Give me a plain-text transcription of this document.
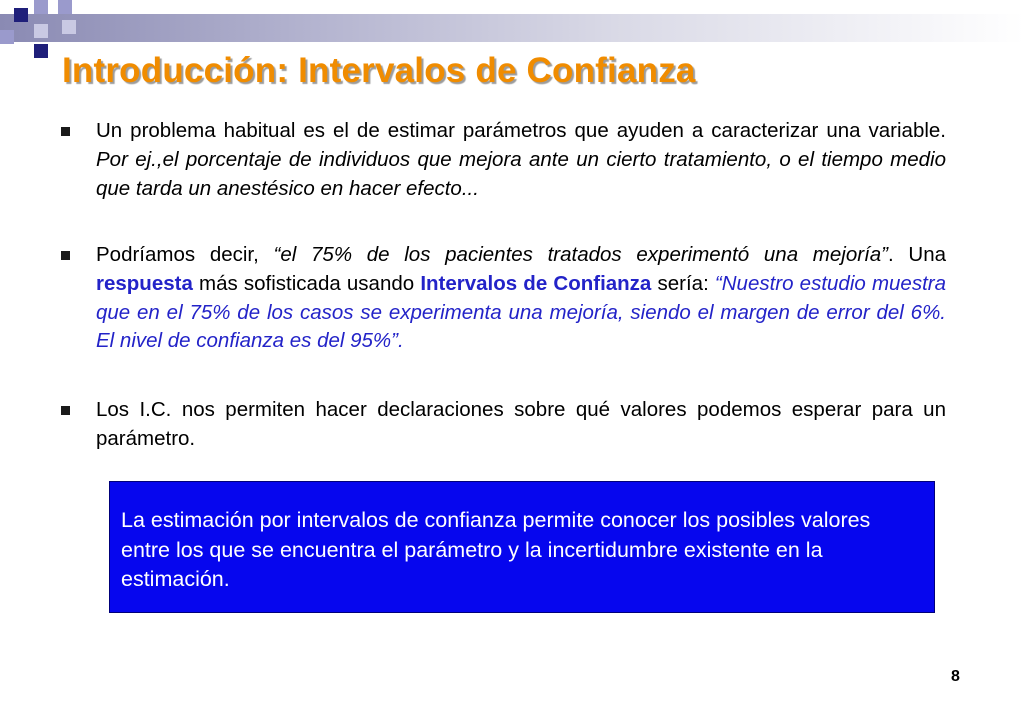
Introducción: Intervalos de Confianza
Un problema habitual es el de estimar parámetros que ayuden a caracterizar una variable. Por ej.,el porcentaje de individuos que mejora ante un cierto tratamiento, o el tiempo medio que tarda un anestésico en hacer efecto...
Podríamos decir, “el 75% de los pacientes tratados experimentó una mejoría”. Una respuesta más sofisticada usando Intervalos de Confianza sería: “Nuestro estudio muestra que en el 75% de los casos se experimenta una mejoría, siendo el margen de error del 6%. El nivel de confianza es del 95%”.
Los I.C. nos permiten hacer declaraciones sobre qué valores podemos esperar para un parámetro.
La estimación por intervalos de confianza permite conocer los posibles valores entre los que se encuentra el parámetro y la incertidumbre existente en la estimación.
8
